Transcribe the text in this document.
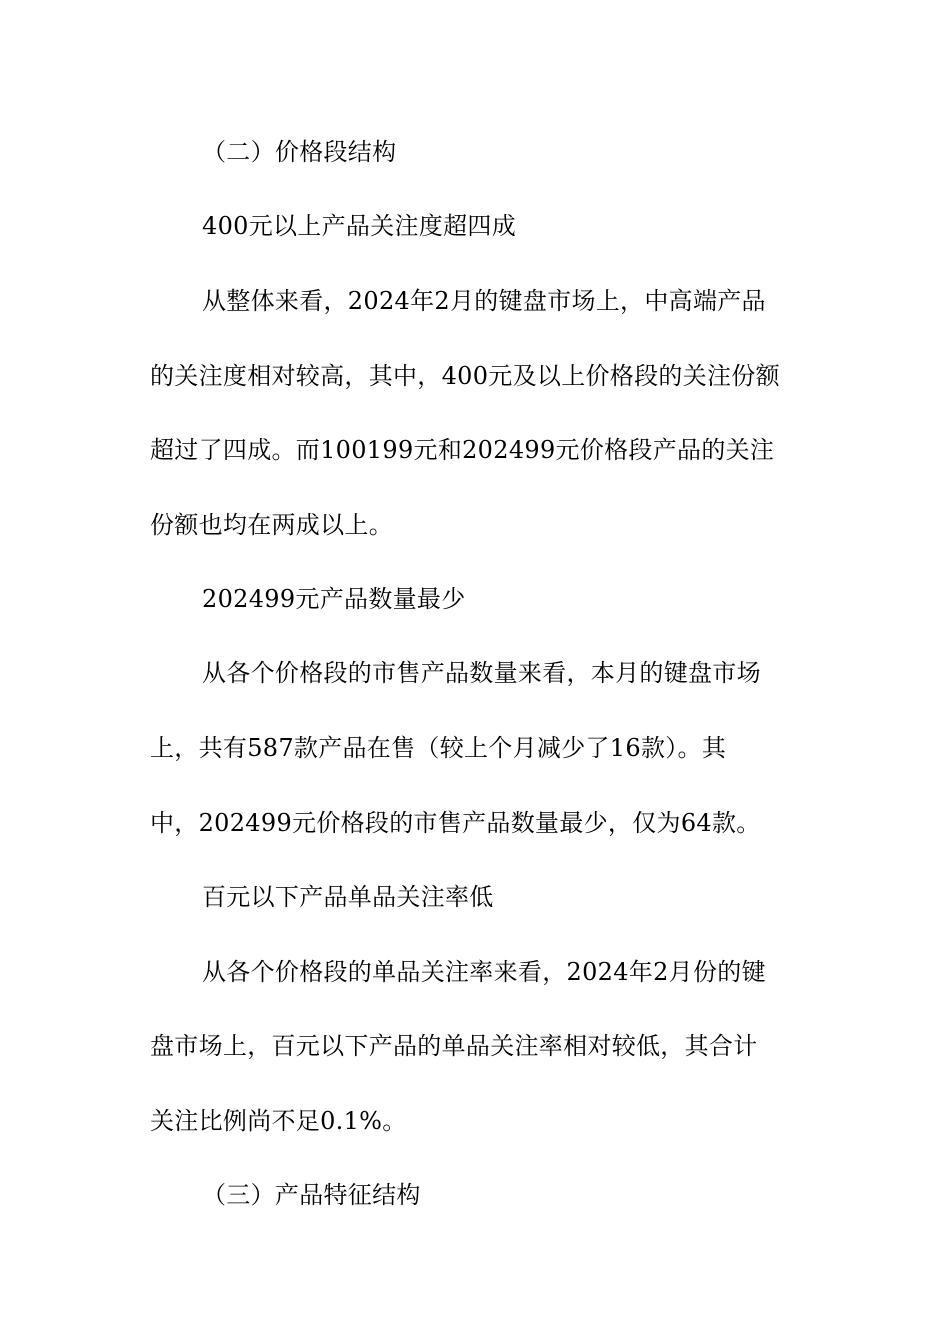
（二）价格段结构
400元以上产品关注度超四成
从整体来看，2024年2月的键盘市场上，中高端产品
的关注度相对较高，其中，400元及以上价格段的关注份额
超过了四成。而100199元和202499元价格段产品的关注
份额也均在两成以上。
202499元产品数量最少
从各个价格段的市售产品数量来看，本月的键盘市场
上，共有587款产品在售（较上个月减少了16款）。其
中，202499元价格段的市售产品数量最少，仅为64款。
百元以下产品单品关注率低
从各个价格段的单品关注率来看，2024年2月份的键
盘市场上，百元以下产品的单品关注率相对较低，其合计
关注比例尚不足0.1%。
（三）产品特征结构
